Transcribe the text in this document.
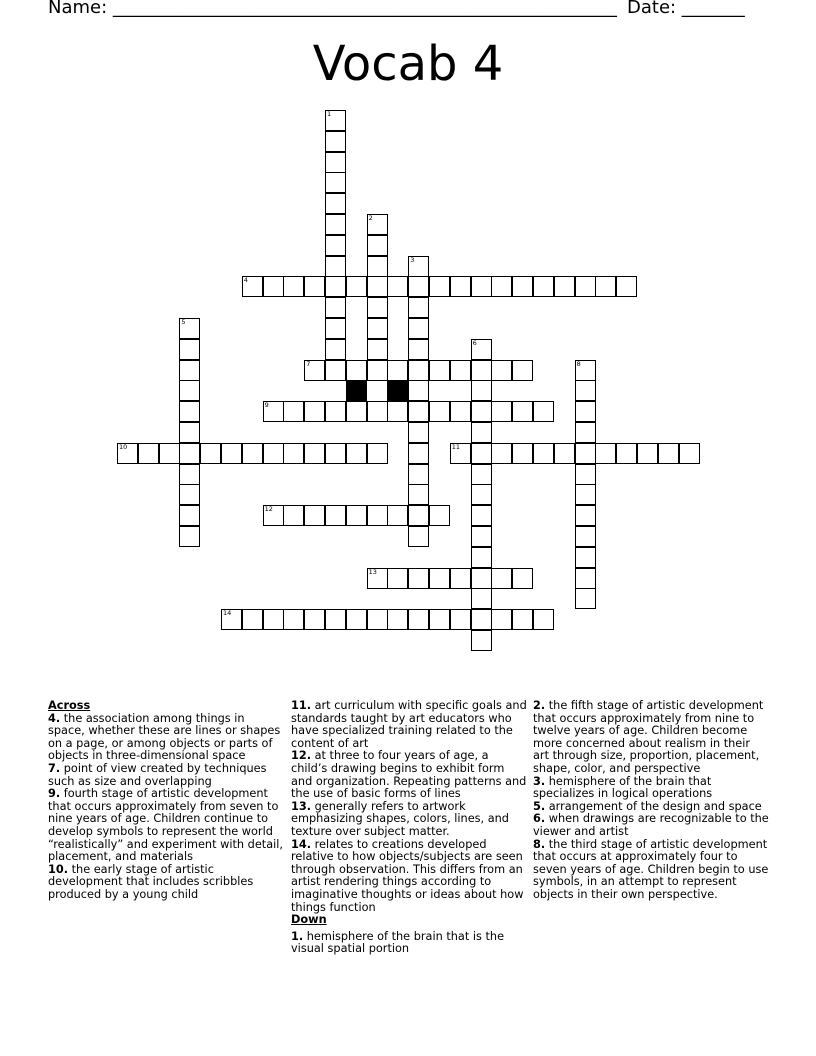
Name: ________________________________________________________ Date: _______
Vocab 4
1
2
3
4
5
6
7	8
9
10	11
12
13
14

Across

4. the association among things in space, whether these are lines or shapes on a page, or among objects or parts of objects in three-dimensional space

7. point of view created by techniques such as size and overlapping

9. fourth stage of artistic development that occurs approximately from seven to nine years of age. Children continue to develop symbols to represent the world “realistically” and experiment with detail, placement, and materials

10. the early stage of artistic development that includes scribbles produced by a young child

11. art curriculum with specific goals and standards taught by art educators who have specialized training related to the content of art

12. at three to four years of age, a child’s drawing begins to exhibit form and organization. Repeating patterns and the use of basic forms of lines

13. generally refers to artwork emphasizing shapes, colors, lines, and texture over subject matter.

14. relates to creations developed relative to how objects/subjects are seen through observation. This differs from an artist rendering things according to imaginative thoughts or ideas about how things function

Down

1. hemisphere of the brain that is the visual spatial portion

2. the fifth stage of artistic development that occurs approximately from nine to twelve years of age. Children become more concerned about realism in their art through size, proportion, placement, shape, color, and perspective

3. hemisphere of the brain that specializes in logical operations

5. arrangement of the design and space

6. when drawings are recognizable to the viewer and artist

8. the third stage of artistic development that occurs at approximately four to seven years of age. Children begin to use symbols, in an attempt to represent objects in their own perspective.
